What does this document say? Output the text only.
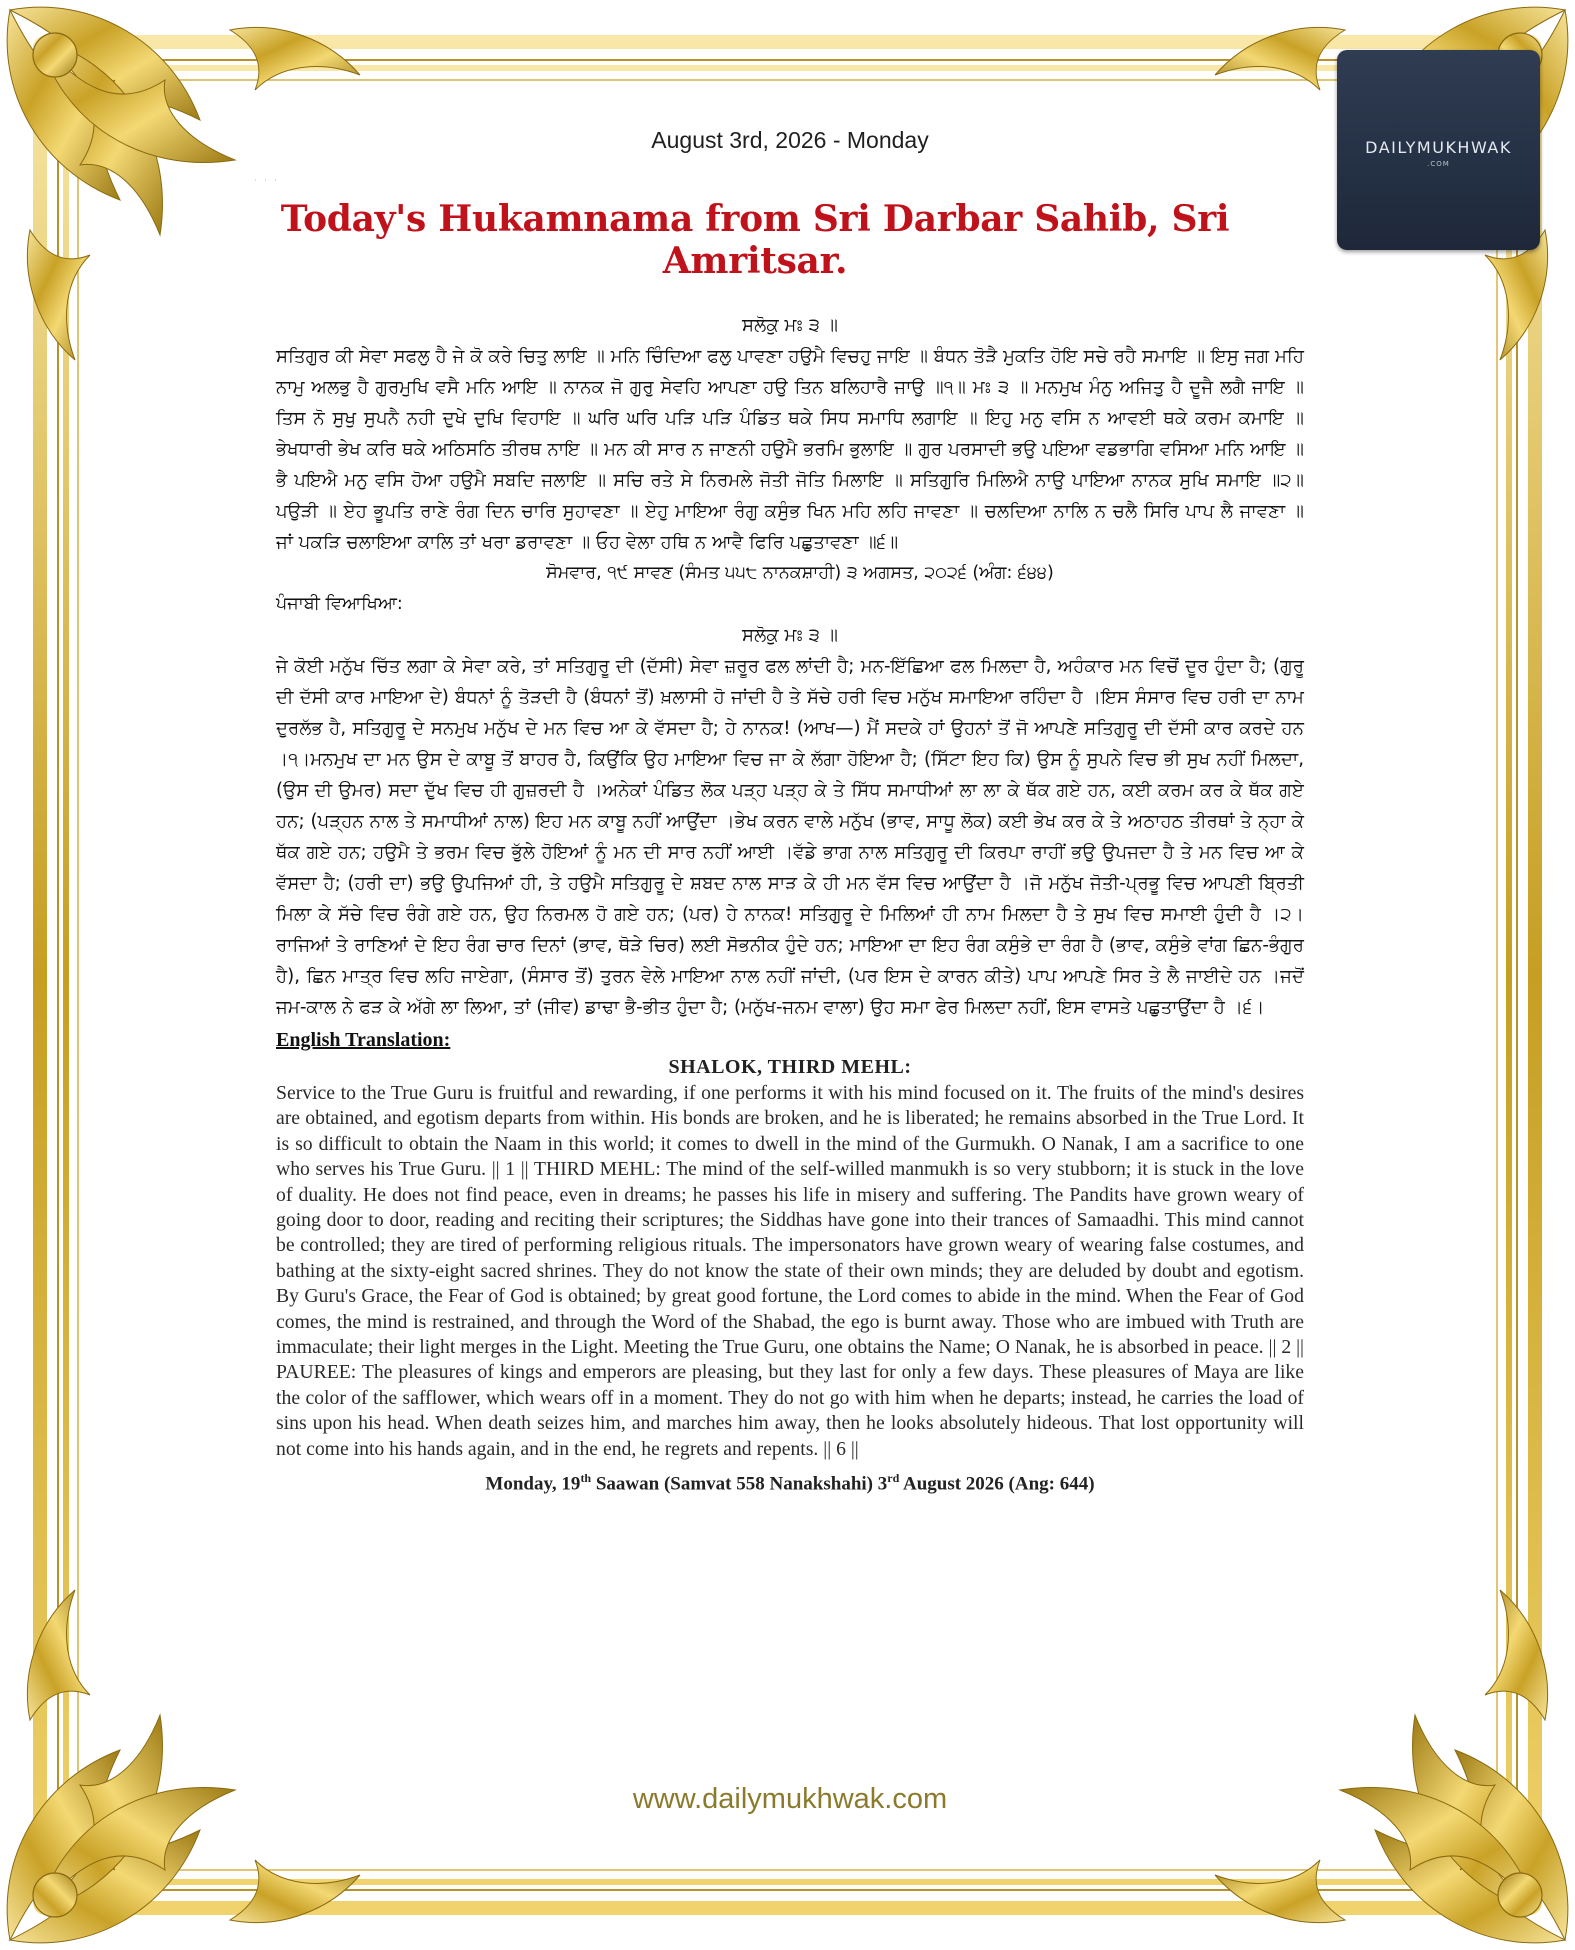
DAILYMUKHWAK
.COM
August 3rd, 2026 - Monday
·   ·   ·
Today's Hukamnama from Sri Darbar Sahib, Sri Amritsar.
ਸਲੋਕੁ ਮਃ ੩ ॥
ਸਤਿਗੁਰ ਕੀ ਸੇਵਾ ਸਫਲੁ ਹੈ ਜੇ ਕੋ ਕਰੇ ਚਿਤੁ ਲਾਇ ॥ ਮਨਿ ਚਿੰਦਿਆ ਫਲੁ ਪਾਵਣਾ ਹਉਮੈ ਵਿਚਹੁ ਜਾਇ ॥ ਬੰਧਨ ਤੋੜੈ ਮੁਕਤਿ ਹੋਇ ਸਚੇ ਰਹੈ ਸਮਾਇ ॥ ਇਸੁ ਜਗ ਮਹਿ ਨਾਮੁ ਅਲਭੁ ਹੈ ਗੁਰਮੁਖਿ ਵਸੈ ਮਨਿ ਆਇ ॥ ਨਾਨਕ ਜੋ ਗੁਰੁ ਸੇਵਹਿ ਆਪਣਾ ਹਉ ਤਿਨ ਬਲਿਹਾਰੈ ਜਾਉ ॥੧॥ ਮਃ ੩ ॥ ਮਨਮੁਖ ਮੰਨੁ ਅਜਿਤੁ ਹੈ ਦੂਜੈ ਲਗੈ ਜਾਇ ॥ ਤਿਸ ਨੋ ਸੁਖੁ ਸੁਪਨੈ ਨਹੀ ਦੁਖੇ ਦੁਖਿ ਵਿਹਾਇ ॥ ਘਰਿ ਘਰਿ ਪੜਿ ਪੜਿ ਪੰਡਿਤ ਥਕੇ ਸਿਧ ਸਮਾਧਿ ਲਗਾਇ ॥ ਇਹੁ ਮਨੁ ਵਸਿ ਨ ਆਵਈ ਥਕੇ ਕਰਮ ਕਮਾਇ ॥ ਭੇਖਧਾਰੀ ਭੇਖ ਕਰਿ ਥਕੇ ਅਠਿਸਠਿ ਤੀਰਥ ਨਾਇ ॥ ਮਨ ਕੀ ਸਾਰ ਨ ਜਾਣਨੀ ਹਉਮੈ ਭਰਮਿ ਭੁਲਾਇ ॥ ਗੁਰ ਪਰਸਾਦੀ ਭਉ ਪਇਆ ਵਡਭਾਗਿ ਵਸਿਆ ਮਨਿ ਆਇ ॥ ਭੈ ਪਇਐ ਮਨੁ ਵਸਿ ਹੋਆ ਹਉਮੈ ਸਬਦਿ ਜਲਾਇ ॥ ਸਚਿ ਰਤੇ ਸੇ ਨਿਰਮਲੇ ਜੋਤੀ ਜੋਤਿ ਮਿਲਾਇ ॥ ਸਤਿਗੁਰਿ ਮਿਲਿਐ ਨਾਉ ਪਾਇਆ ਨਾਨਕ ਸੁਖਿ ਸਮਾਇ ॥੨॥ ਪਉੜੀ ॥ ਏਹ ਭੂਪਤਿ ਰਾਣੇ ਰੰਗ ਦਿਨ ਚਾਰਿ ਸੁਹਾਵਣਾ ॥ ਏਹੁ ਮਾਇਆ ਰੰਗੁ ਕਸੁੰਭ ਖਿਨ ਮਹਿ ਲਹਿ ਜਾਵਣਾ ॥ ਚਲਦਿਆ ਨਾਲਿ ਨ ਚਲੈ ਸਿਰਿ ਪਾਪ ਲੈ ਜਾਵਣਾ ॥ ਜਾਂ ਪਕੜਿ ਚਲਾਇਆ ਕਾਲਿ ਤਾਂ ਖਰਾ ਡਰਾਵਣਾ ॥ ਓਹ ਵੇਲਾ ਹਥਿ ਨ ਆਵੈ ਫਿਰਿ ਪਛੁਤਾਵਣਾ ॥੬॥
ਸੋਮਵਾਰ, ੧੯ ਸਾਵਣ (ਸੰਮਤ ੫੫੮ ਨਾਨਕਸ਼ਾਹੀ) ੩ ਅਗਸਤ, ੨੦੨੬ (ਅੰਗ: ੬੪੪)
ਪੰਜਾਬੀ ਵਿਆਖਿਆ:
ਸਲੋਕੁ ਮਃ ੩ ॥
ਜੇ ਕੋਈ ਮਨੁੱਖ ਚਿੱਤ ਲਗਾ ਕੇ ਸੇਵਾ ਕਰੇ, ਤਾਂ ਸਤਿਗੁਰੂ ਦੀ (ਦੱਸੀ) ਸੇਵਾ ਜ਼ਰੂਰ ਫਲ ਲਾਂਦੀ ਹੈ; ਮਨ-ਇੱਛਿਆ ਫਲ ਮਿਲਦਾ ਹੈ, ਅਹੰਕਾਰ ਮਨ ਵਿਚੋਂ ਦੂਰ ਹੁੰਦਾ ਹੈ; (ਗੁਰੂ ਦੀ ਦੱਸੀ ਕਾਰ ਮਾਇਆ ਦੇ) ਬੰਧਨਾਂ ਨੂੰ ਤੋੜਦੀ ਹੈ (ਬੰਧਨਾਂ ਤੋਂ) ਖ਼ਲਾਸੀ ਹੋ ਜਾਂਦੀ ਹੈ ਤੇ ਸੱਚੇ ਹਰੀ ਵਿਚ ਮਨੁੱਖ ਸਮਾਇਆ ਰਹਿੰਦਾ ਹੈ ।ਇਸ ਸੰਸਾਰ ਵਿਚ ਹਰੀ ਦਾ ਨਾਮ ਦੁਰਲੱਭ ਹੈ, ਸਤਿਗੁਰੂ ਦੇ ਸਨਮੁਖ ਮਨੁੱਖ ਦੇ ਮਨ ਵਿਚ ਆ ਕੇ ਵੱਸਦਾ ਹੈ; ਹੇ ਨਾਨਕ! (ਆਖ—) ਮੈਂ ਸਦਕੇ ਹਾਂ ਉਹਨਾਂ ਤੋਂ ਜੋ ਆਪਣੇ ਸਤਿਗੁਰੂ ਦੀ ਦੱਸੀ ਕਾਰ ਕਰਦੇ ਹਨ ।੧।ਮਨਮੁਖ ਦਾ ਮਨ ਉਸ ਦੇ ਕਾਬੂ ਤੋਂ ਬਾਹਰ ਹੈ, ਕਿਉਂਕਿ ਉਹ ਮਾਇਆ ਵਿਚ ਜਾ ਕੇ ਲੱਗਾ ਹੋਇਆ ਹੈ; (ਸਿੱਟਾ ਇਹ ਕਿ) ਉਸ ਨੂੰ ਸੁਪਨੇ ਵਿਚ ਭੀ ਸੁਖ ਨਹੀਂ ਮਿਲਦਾ, (ਉਸ ਦੀ ਉਮਰ) ਸਦਾ ਦੁੱਖ ਵਿਚ ਹੀ ਗੁਜ਼ਰਦੀ ਹੈ ।ਅਨੇਕਾਂ ਪੰਡਿਤ ਲੋਕ ਪੜ੍ਹ ਪੜ੍ਹ ਕੇ ਤੇ ਸਿੱਧ ਸਮਾਧੀਆਂ ਲਾ ਲਾ ਕੇ ਥੱਕ ਗਏ ਹਨ, ਕਈ ਕਰਮ ਕਰ ਕੇ ਥੱਕ ਗਏ ਹਨ; (ਪੜ੍ਹਨ ਨਾਲ ਤੇ ਸਮਾਧੀਆਂ ਨਾਲ) ਇਹ ਮਨ ਕਾਬੂ ਨਹੀਂ ਆਉਂਦਾ ।ਭੇਖ ਕਰਨ ਵਾਲੇ ਮਨੁੱਖ (ਭਾਵ, ਸਾਧੂ ਲੋਕ) ਕਈ ਭੇਖ ਕਰ ਕੇ ਤੇ ਅਠਾਹਠ ਤੀਰਥਾਂ ਤੇ ਨ੍ਹਾ ਕੇ ਥੱਕ ਗਏ ਹਨ; ਹਉਮੈ ਤੇ ਭਰਮ ਵਿਚ ਭੁੱਲੇ ਹੋਇਆਂ ਨੂੰ ਮਨ ਦੀ ਸਾਰ ਨਹੀਂ ਆਈ ।ਵੱਡੇ ਭਾਗ ਨਾਲ ਸਤਿਗੁਰੂ ਦੀ ਕਿਰਪਾ ਰਾਹੀਂ ਭਉ ਉਪਜਦਾ ਹੈ ਤੇ ਮਨ ਵਿਚ ਆ ਕੇ ਵੱਸਦਾ ਹੈ; (ਹਰੀ ਦਾ) ਭਉ ਉਪਜਿਆਂ ਹੀ, ਤੇ ਹਉਮੈ ਸਤਿਗੁਰੂ ਦੇ ਸ਼ਬਦ ਨਾਲ ਸਾੜ ਕੇ ਹੀ ਮਨ ਵੱਸ ਵਿਚ ਆਉਂਦਾ ਹੈ ।ਜੋ ਮਨੁੱਖ ਜੋਤੀ-ਪ੍ਰਭੂ ਵਿਚ ਆਪਣੀ ਬ੍ਰਿਤੀ ਮਿਲਾ ਕੇ ਸੱਚੇ ਵਿਚ ਰੰਗੇ ਗਏ ਹਨ, ਉਹ ਨਿਰਮਲ ਹੋ ਗਏ ਹਨ; (ਪਰ) ਹੇ ਨਾਨਕ! ਸਤਿਗੁਰੂ ਦੇ ਮਿਲਿਆਂ ਹੀ ਨਾਮ ਮਿਲਦਾ ਹੈ ਤੇ ਸੁਖ ਵਿਚ ਸਮਾਈ ਹੁੰਦੀ ਹੈ ।੨।ਰਾਜਿਆਂ ਤੇ ਰਾਣਿਆਂ ਦੇ ਇਹ ਰੰਗ ਚਾਰ ਦਿਨਾਂ (ਭਾਵ, ਥੋੜੇ ਚਿਰ) ਲਈ ਸੋਭਨੀਕ ਹੁੰਦੇ ਹਨ; ਮਾਇਆ ਦਾ ਇਹ ਰੰਗ ਕਸੁੰਭੇ ਦਾ ਰੰਗ ਹੈ (ਭਾਵ, ਕਸੁੰਭੇ ਵਾਂਗ ਛਿਨ-ਭੰਗੁਰ ਹੈ), ਛਿਨ ਮਾਤ੍ਰ ਵਿਚ ਲਹਿ ਜਾਏਗਾ, (ਸੰਸਾਰ ਤੋਂ) ਤੁਰਨ ਵੇਲੇ ਮਾਇਆ ਨਾਲ ਨਹੀਂ ਜਾਂਦੀ, (ਪਰ ਇਸ ਦੇ ਕਾਰਨ ਕੀਤੇ) ਪਾਪ ਆਪਣੇ ਸਿਰ ਤੇ ਲੈ ਜਾਈਦੇ ਹਨ ।ਜਦੋਂ ਜਮ-ਕਾਲ ਨੇ ਫੜ ਕੇ ਅੱਗੇ ਲਾ ਲਿਆ, ਤਾਂ (ਜੀਵ) ਡਾਢਾ ਭੈ-ਭੀਤ ਹੁੰਦਾ ਹੈ; (ਮਨੁੱਖ-ਜਨਮ ਵਾਲਾ) ਉਹ ਸਮਾ ਫੇਰ ਮਿਲਦਾ ਨਹੀਂ, ਇਸ ਵਾਸਤੇ ਪਛੁਤਾਉਂਦਾ ਹੈ ।੬।
English Translation:
SHALOK, THIRD MEHL:
Service to the True Guru is fruitful and rewarding, if one performs it with his mind focused on it. The fruits of the mind's desires are obtained, and egotism departs from within. His bonds are broken, and he is liberated; he remains absorbed in the True Lord. It is so difficult to obtain the Naam in this world; it comes to dwell in the mind of the Gurmukh. O Nanak, I am a sacrifice to one who serves his True Guru. || 1 || THIRD MEHL: The mind of the self-willed manmukh is so very stubborn; it is stuck in the love of duality. He does not find peace, even in dreams; he passes his life in misery and suffering. The Pandits have grown weary of going door to door, reading and reciting their scriptures; the Siddhas have gone into their trances of Samaadhi. This mind cannot be controlled; they are tired of performing religious rituals. The impersonators have grown weary of wearing false costumes, and bathing at the sixty-eight sacred shrines. They do not know the state of their own minds; they are deluded by doubt and egotism. By Guru's Grace, the Fear of God is obtained; by great good fortune, the Lord comes to abide in the mind. When the Fear of God comes, the mind is restrained, and through the Word of the Shabad, the ego is burnt away. Those who are imbued with Truth are immaculate; their light merges in the Light. Meeting the True Guru, one obtains the Name; O Nanak, he is absorbed in peace. || 2 || PAUREE: The pleasures of kings and emperors are pleasing, but they last for only a few days. These pleasures of Maya are like the color of the safflower, which wears off in a moment. They do not go with him when he departs; instead, he carries the load of sins upon his head. When death seizes him, and marches him away, then he looks absolutely hideous. That lost opportunity will not come into his hands again, and in the end, he regrets and repents. || 6 ||
Monday, 19th Saawan (Samvat 558 Nanakshahi) 3rd August 2026 (Ang: 644)
www.dailymukhwak.com
